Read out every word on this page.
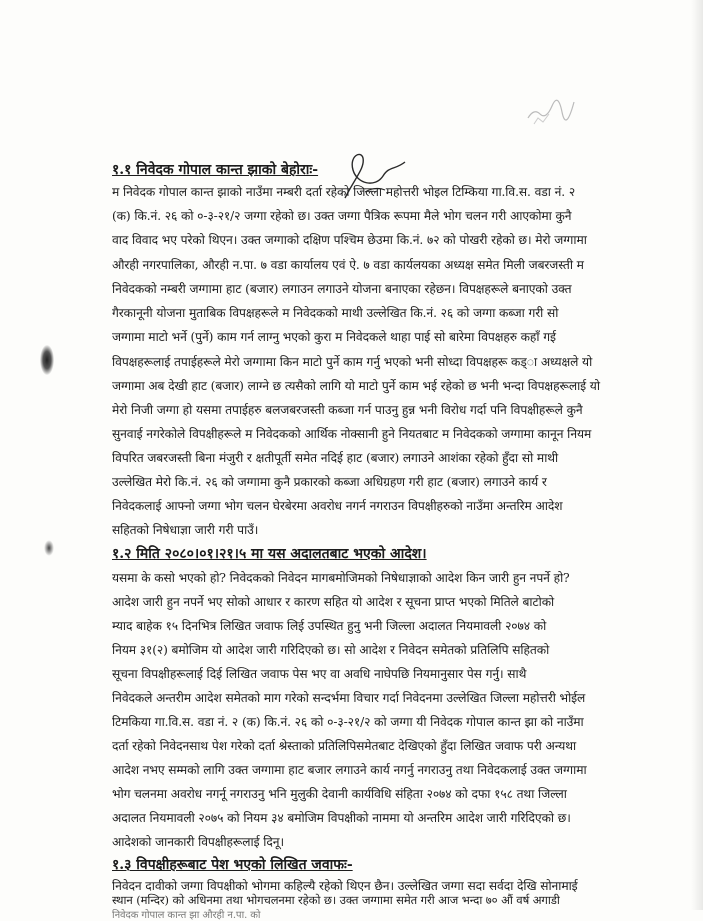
१.१ निवेदक गोपाल कान्त झाको बेहोराः-
म निवेदक गोपाल कान्त झाको नाउँमा नम्बरी दर्ता रहेको जिल्ला महोत्तरी भोइल टिम्किया गा.वि.स. वडा नं. २
(क) कि.नं. २६ को ०-३-२१/२ जग्गा रहेको छ। उक्त जग्गा पैत्रिक रूपमा मैले भोग चलन गरी आएकोमा कुनै
वाद विवाद भए परेको थिएन। उक्त जग्गाको दक्षिण पश्चिम छेउमा कि.नं. ७२ को पोखरी रहेको छ। मेरो जग्गामा
औरही नगरपालिका, औरही न.पा. ७ वडा कार्यालय एवं ऐ. ७ वडा कार्यलयका अध्यक्ष समेत मिली जबरजस्ती म
निवेदकको नम्बरी जग्गामा हाट (बजार) लगाउन लगाउने योजना बनाएका रहेछन। विपक्षहरूले बनाएको उक्त
गैरकानूनी योजना मुताबिक विपक्षहरूले म निवेदकको माथी उल्लेखित कि.नं. २६ को जग्गा कब्जा गरी सो
जग्गामा माटो भर्ने (पुर्ने) काम गर्न लाग्नु भएको कुरा म निवेदकले थाहा पाई सो बारेमा विपक्षहरु कहाँ गई
विपक्षहरूलाई तपाईहरूले मेरो जग्गामा किन माटो पुर्ने काम गर्नु भएको भनी सोध्दा विपक्षहरू कड्ा अध्यक्षले यो
जग्गामा अब देखी हाट (बजार) लाग्ने छ त्यसैको लागि यो माटो पुर्ने काम भई रहेको छ भनी भन्दा विपक्षहरूलाई यो
मेरो निजी जग्गा हो यसमा तपाईहरु बलजबरजस्ती कब्जा गर्न पाउनु हुन्न भनी विरोध गर्दा पनि विपक्षीहरूले कुनै
सुनवाई नगरेकोले विपक्षीहरूले म निवेदकको आर्थिक नोक्सानी हुने नियतबाट म निवेदकको जग्गामा कानून नियम
विपरित जबरजस्ती बिना मंजुरी र क्षतीपूर्ती समेत नदिई हाट (बजार) लगाउने आशंका रहेको हुँदा सो माथी
उल्लेखित मेरो कि.नं. २६ को जग्गामा कुनै प्रकारको कब्जा अधिग्रहण गरी हाट (बजार) लगाउने कार्य र
निवेदकलाई आफ्नो जग्गा भोग चलन घेरबेरमा अवरोध नगर्न नगराउन विपक्षीहरुको नाउँमा अन्तरिम आदेश
सहितको निषेधाज्ञा जारी गरी पाउँ।
१.२ मिति २०८०।०१।२१।५ मा यस अदालतबाट भएको आदेश।
यसमा के कसो भएको हो? निवेदकको निवेदन मागबमोजिमको निषेधाज्ञाको आदेश किन जारी हुन नपर्ने हो?
आदेश जारी हुन नपर्ने भए सोको आधार र कारण सहित यो आदेश र सूचना प्राप्त भएको मितिले बाटोको
म्याद बाहेक १५ दिनभित्र लिखित जवाफ लिई उपस्थित हुनु भनी जिल्ला अदालत नियमावली २०७४ को
नियम ३१(२) बमोजिम यो आदेश जारी गरिदिएको छ। सो आदेश र निवेदन समेतको प्रतिलिपि सहितको
सूचना विपक्षीहरूलाई दिई लिखित जवाफ पेस भए वा अवधि नाघेपछि नियमानुसार पेस गर्नु। साथै
निवेदकले अन्तरीम आदेश समेतको माग गरेको सन्दर्भमा विचार गर्दा निवेदनमा उल्लेखित जिल्ला महोत्तरी भोईल
टिमकिया गा.वि.स. वडा नं. २ (क) कि.नं. २६ को ०-३-२१/२ को जग्गा यी निवेदक गोपाल कान्त झा को नाउँमा
दर्ता रहेको निवेदनसाथ पेश गरेको दर्ता श्रेस्ताको प्रतिलिपिसमेतबाट देखिएको हुँदा लिखित जवाफ परी अन्यथा
आदेश नभए सम्मको लागि उक्त जग्गामा हाट बजार लगाउने कार्य नगर्नु नगराउनु तथा निवेदकलाई उक्त जग्गामा
भोग चलनमा अवरोध नगर्नू नगराउनु भनि मुलुकी देवानी कार्यविधि संहिता २०७४ को दफा १५८ तथा जिल्ला
अदालत नियमावली २०७५ को नियम ३४ बमोजिम विपक्षीको नाममा यो अन्तरिम आदेश जारी गरिदिएको छ।
आदेशको जानकारी विपक्षीहरूलाई दिनू।
१.३ विपक्षीहरूबाट पेश भएको लिखित जवाफः-
निवेदन दावीको जग्गा विपक्षीको भोगमा कहिल्यै रहेको थिएन छैन। उल्लेखित जग्गा सदा सर्वदा देखि सोनामाई
स्थान (मन्दिर) को अधिनमा तथा भोगचलनमा रहेको छ। उक्त जग्गामा समेत गरी आज भन्दा ७० औं वर्ष अगाडी
निवेदक गोपाल कान्त झा औरही न.पा. को
